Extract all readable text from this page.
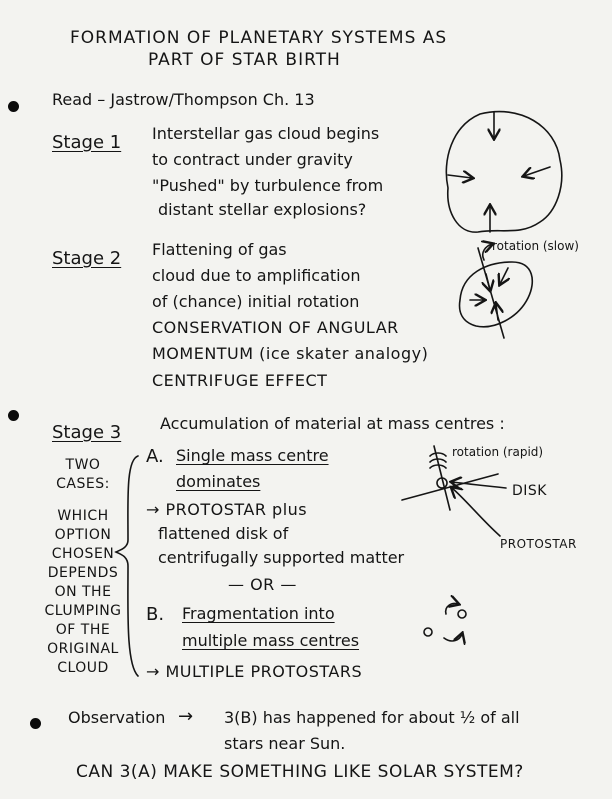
FORMATION OF PLANETARY SYSTEMS AS
PART OF STAR BIRTH
Read – Jastrow/Thompson Ch. 13
Stage 1 Interstellar gas cloud begins
to contract under gravity
"Pushed" by turbulence from
distant stellar explosions?
Stage 2 Flattening of gas
cloud due to amplification
of (chance) initial rotation
CONSERVATION OF ANGULAR
MOMENTUM (ice skater analogy)
CENTRIFUGE EFFECT
rotation (slow)
Stage 3 Accumulation of material at mass centres :
TWO
CASES:
WHICH
OPTION
CHOSEN
DEPENDS
ON THE
CLUMPING
OF THE
ORIGINAL
CLOUD
A. Single mass centre
dominates
→ PROTOSTAR plus
flattened disk of
centrifugally supported matter
— OR —
B. Fragmentation into
multiple mass centres
→ MULTIPLE PROTOSTARS
rotation (rapid)
DISK
PROTOSTAR
Observation → 3(B) has happened for about ½ of all
stars near Sun.
CAN 3(A) MAKE SOMETHING LIKE SOLAR SYSTEM?
